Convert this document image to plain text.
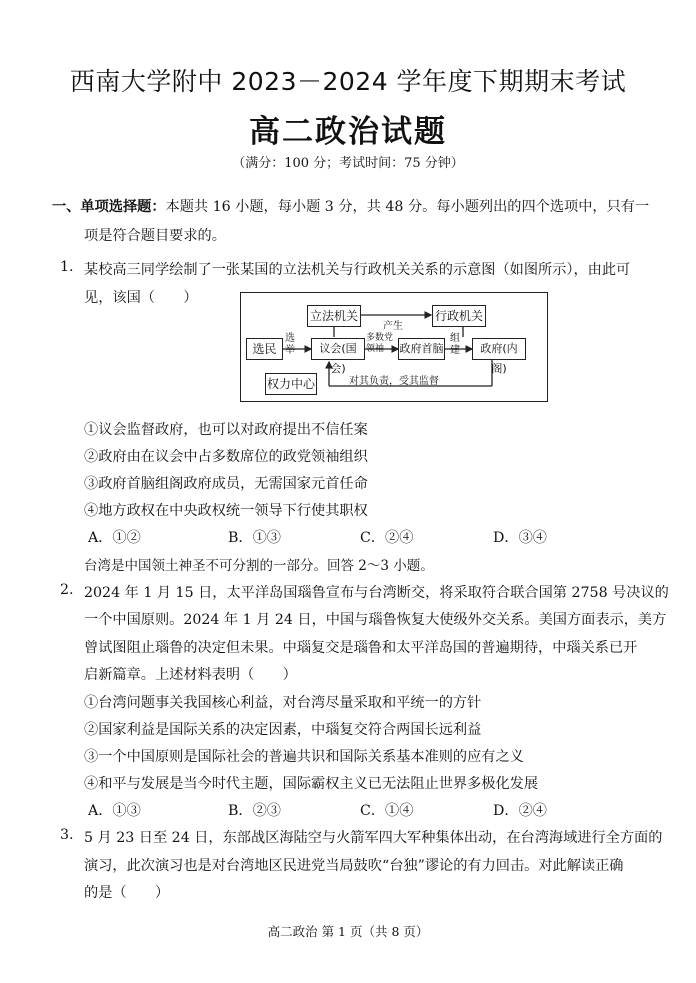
西南大学附中 2023－2024 学年度下期期末考试
高二政治试题
（满分：100 分；考试时间：75 分钟）
一、单项选择题：本题共 16 小题，每小题 3 分，共 48 分。每小题列出的四个选项中，只有一
项是符合题目要求的。
1. 某校高三同学绘制了一张某国的立法机关与行政机关关系的示意图（如图所示），由此可
见，该国（　　）
立法机关	行政机关
产生
选民
选举	议会(国会)
多数党领袖	政府首脑
组建	政府(内阁)
权力中心	对其负责，受其监督
①议会监督政府，也可以对政府提出不信任案
②政府由在议会中占多数席位的政党领袖组织
③政府首脑组阁政府成员，无需国家元首任命
④地方政权在中央政权统一领导下行使其职权
A．①②	B．①③	C．②④	D．③④
台湾是中国领土神圣不可分割的一部分。回答 2～3 小题。
2. 2024 年 1 月 15 日，太平洋岛国瑙鲁宣布与台湾断交，将采取符合联合国第 2758 号决议的
一个中国原则。2024 年 1 月 24 日，中国与瑙鲁恢复大使级外交关系。美国方面表示，美方
曾试图阻止瑙鲁的决定但未果。中瑙复交是瑙鲁和太平洋岛国的普遍期待，中瑙关系已开
启新篇章。上述材料表明（　　）
①台湾问题事关我国核心利益，对台湾尽量采取和平统一的方针
②国家利益是国际关系的决定因素，中瑙复交符合两国长远利益
③一个中国原则是国际社会的普遍共识和国际关系基本准则的应有之义
④和平与发展是当今时代主题，国际霸权主义已无法阻止世界多极化发展
A．①③	B．②③	C．①④	D．②④
3. 5 月 23 日至 24 日，东部战区海陆空与火箭军四大军种集体出动，在台湾海域进行全方面的
演习，此次演习也是对台湾地区民进党当局鼓吹“台独”谬论的有力回击。对此解读正确
的是（　　）
高二政治 第 1 页（共 8 页）
